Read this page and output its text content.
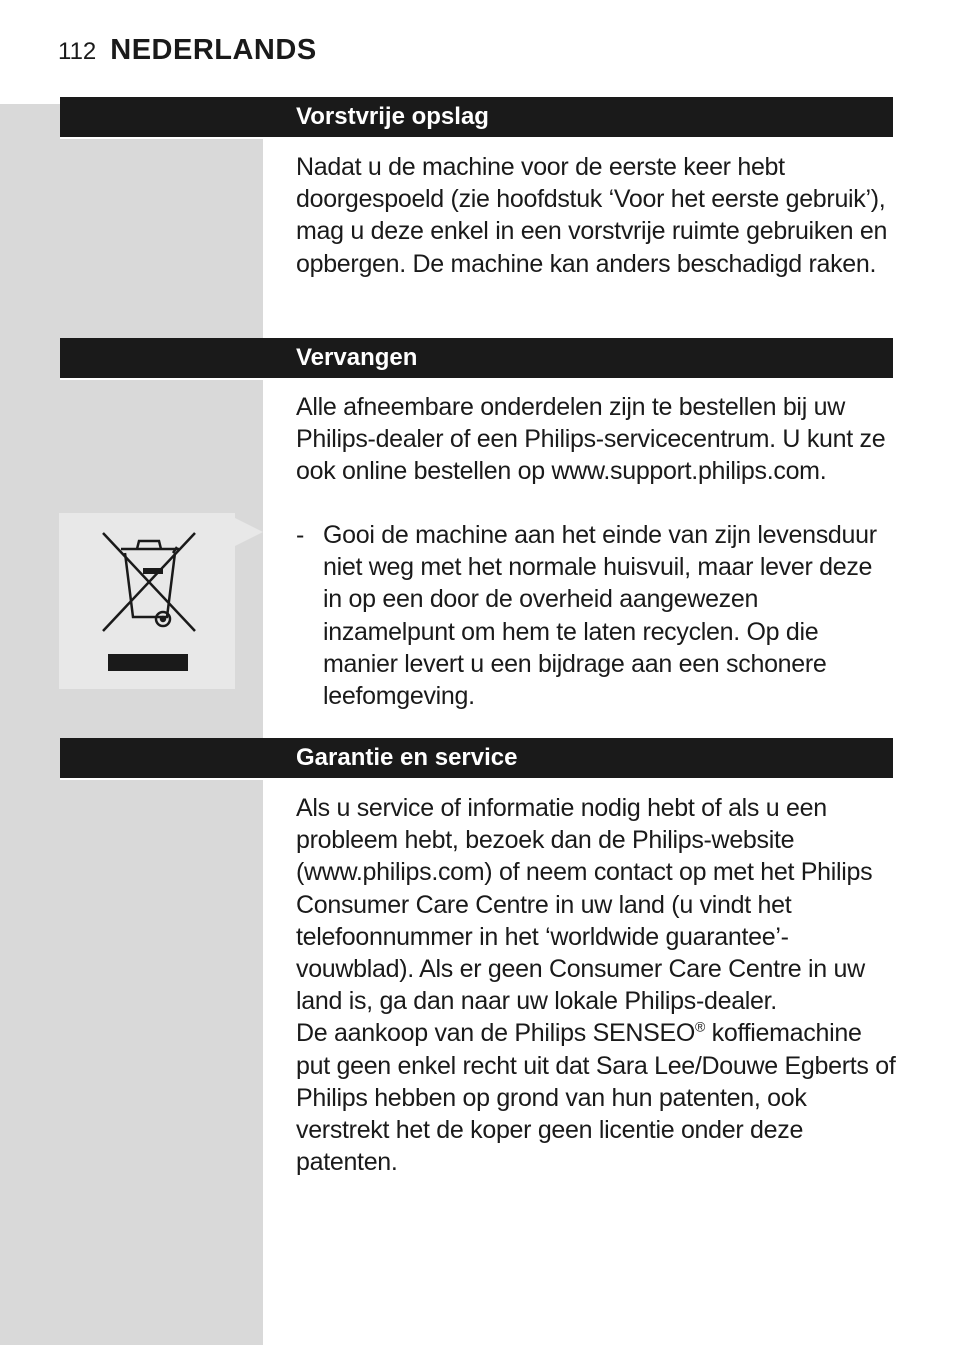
112 NEDERLANDS
Vorstvrije opslag

Nadat u de machine voor de eerste keer hebt doorgespoeld (zie hoofdstuk ‘Voor het eerste gebruik’), mag u deze enkel in een vorstvrije ruimte gebruiken en opbergen. De machine kan anders beschadigd raken.

Vervangen

Alle afneembare onderdelen zijn te bestellen bij uw Philips-dealer of een Philips-servicecentrum. U kunt ze ook online bestellen op www.support.philips.com.

- Gooi de machine aan het einde van zijn levensduur niet weg met het normale huisvuil, maar lever deze in op een door de overheid aangewezen inzamelpunt om hem te laten recyclen. Op die manier levert u een bijdrage aan een schonere leefomgeving.
Garantie en service
Als u service of informatie nodig hebt of als u een probleem hebt, bezoek dan de Philips-website (www.philips.com) of neem contact op met het Philips Consumer Care Centre in uw land (u vindt het telefoonnummer in het ‘worldwide guarantee’-vouwblad). Als er geen Consumer Care Centre in uw land is, ga dan naar uw lokale Philips-dealer.
De aankoop van de Philips SENSEO® koffiemachine put geen enkel recht uit dat Sara Lee/Douwe Egberts of Philips hebben op grond van hun patenten, ook verstrekt het de koper geen licentie onder deze patenten.
